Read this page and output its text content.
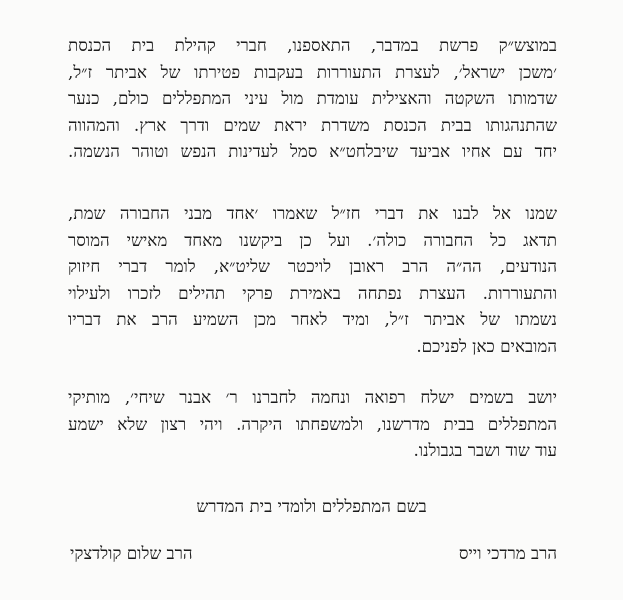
במוצש״ק פרשת במדבר, התאספנו, חברי קהילת בית הכנסת
׳משכן ישראל׳, לעצרת התעוררות בעקבות פטירתו של אביתר ז״ל,
שדמותו השקטה והאצילית עומדת מול עיני המתפללים כולם, כנער
שהתנהגותו בבית הכנסת משדרת יראת שמים ודרך ארץ. והמהווה
יחד עם אחיו אביעד שיבלחט״א סמל לעדינות הנפש וטוהר הנשמה.
שמנו אל לבנו את דברי חז״ל שאמרו ׳אחד מבני החבורה שמת,
תדאג כל החבורה כולה׳. ועל כן ביקשנו מאחד מאישי המוסר
הנודעים, הה״ה הרב ראובן לויכטר שליט״א, לומר דברי חיזוק
והתעוררות. העצרת נפתחה באמירת פרקי תהילים לזכרו ולעילוי
נשמתו של אביתר ז״ל, ומיד לאחר מכן השמיע הרב את דבריו
המובאים כאן לפניכם.
יושב בשמים ישלח רפואה ונחמה לחברנו ר׳ אבנר שיחי׳, מותיקי
המתפללים בבית מדרשנו, ולמשפחתו היקרה. ויהי רצון שלא ישמע
עוד שוד ושבר בגבולנו.
בשם המתפללים ולומדי בית המדרש
הרב מרדכי וייס
הרב שלום קולדצקי
